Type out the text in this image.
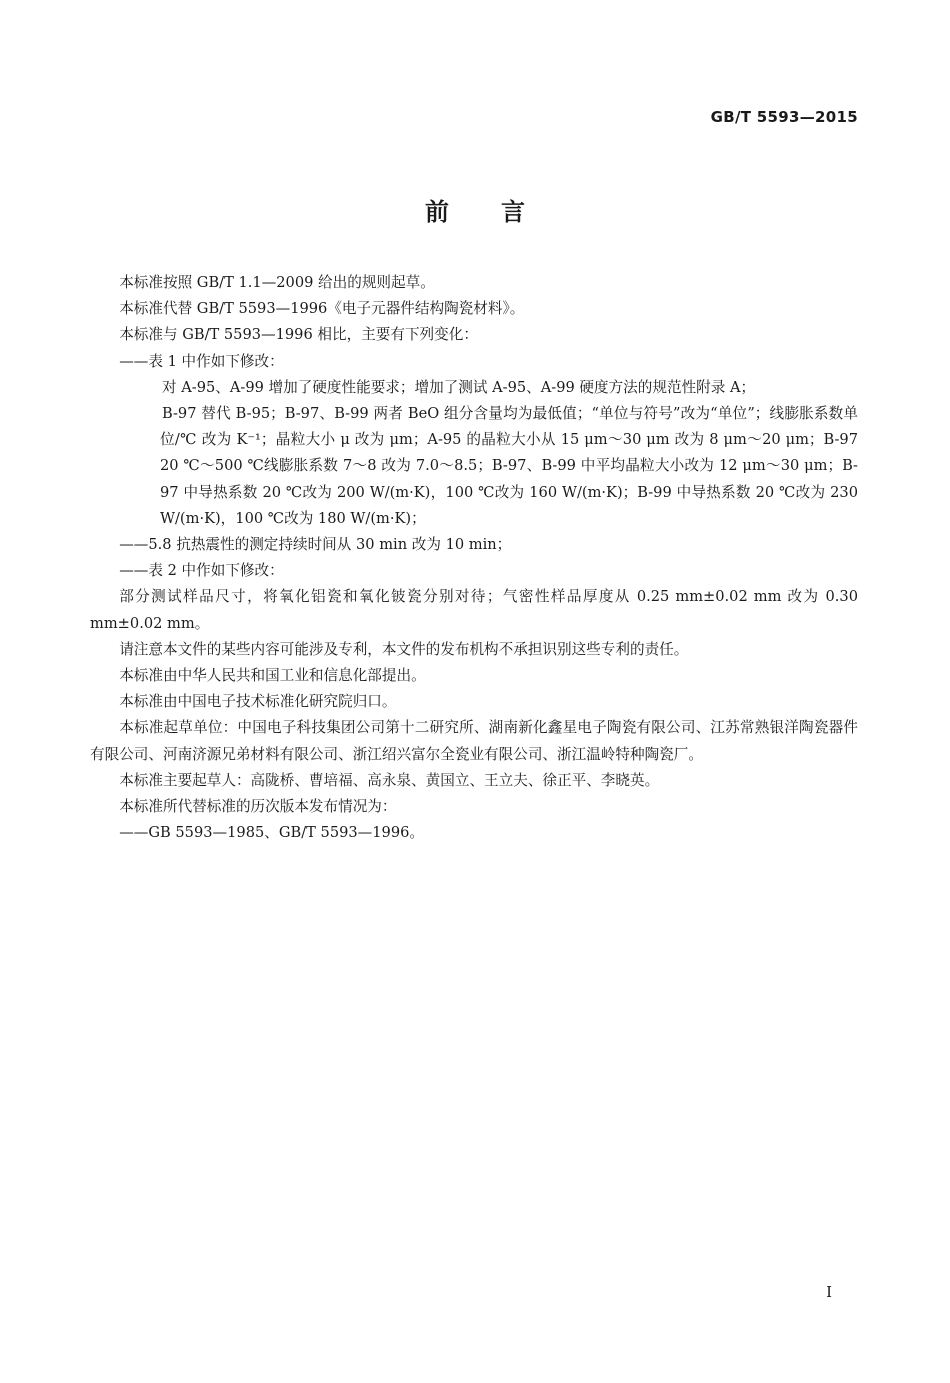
GB/T 5593—2015
前言

本标准按照 GB/T 1.1—2009 给出的规则起草。

本标准代替 GB/T 5593—1996《电子元器件结构陶瓷材料》。

本标准与 GB/T 5593—1996 相比，主要有下列变化：

——表 1 中作如下修改：

对 A-95、A-99 增加了硬度性能要求；增加了测试 A-95、A-99 硬度方法的规范性附录 A；

B-97 替代 B-95；B-97、B-99 两者 BeO 组分含量均为最低值；“单位与符号”改为“单位”；线膨胀系数单位/℃ 改为 K⁻¹；晶粒大小 μ 改为 μm；A-95 的晶粒大小从 15 μm～30 μm 改为 8 μm～20 μm；B-97 20 ℃～500 ℃线膨胀系数 7～8 改为 7.0～8.5；B-97、B-99 中平均晶粒大小改为 12 μm～30 μm；B-97 中导热系数 20 ℃改为 200 W/(m·K)，100 ℃改为 160 W/(m·K)；B-99 中导热系数 20 ℃改为 230 W/(m·K)，100 ℃改为 180 W/(m·K)；

——5.8 抗热震性的测定持续时间从 30 min 改为 10 min；

——表 2 中作如下修改：

部分测试样品尺寸，将氧化铝瓷和氧化铍瓷分别对待；气密性样品厚度从 0.25 mm±0.02 mm 改为 0.30 mm±0.02 mm。

请注意本文件的某些内容可能涉及专利，本文件的发布机构不承担识别这些专利的责任。

本标准由中华人民共和国工业和信息化部提出。

本标准由中国电子技术标准化研究院归口。

本标准起草单位：中国电子科技集团公司第十二研究所、湖南新化鑫星电子陶瓷有限公司、江苏常熟银洋陶瓷器件有限公司、河南济源兄弟材料有限公司、浙江绍兴富尔全瓷业有限公司、浙江温岭特种陶瓷厂。

本标准主要起草人：高陇桥、曹培福、高永泉、黄国立、王立夫、徐正平、李晓英。

本标准所代替标准的历次版本发布情况为：

——GB 5593—1985、GB/T 5593—1996。

I
